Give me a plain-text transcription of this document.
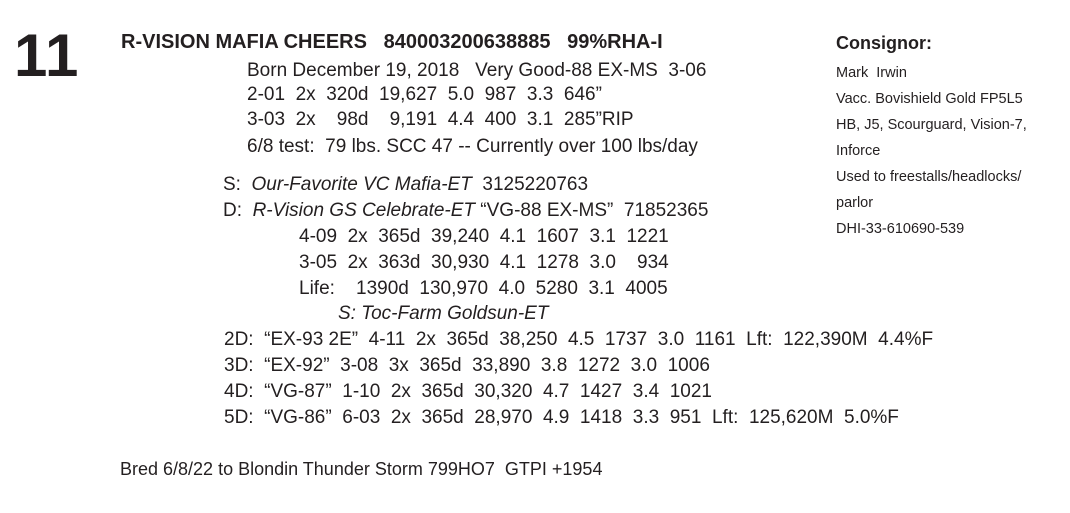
11 R-VISION MAFIA CHEERS   840003200638885   99%RHA-I
Born December 19, 2018   Very Good-88 EX-MS  3-06
2-01  2x  320d  19,627  5.0  987  3.3  646”
3-03  2x    98d    9,191  4.4  400  3.1  285”RIP
6/8 test:  79 lbs. SCC 47 -- Currently over 100 lbs/day
S: Our-Favorite VC Mafia-ET 3125220763
D: R-Vision GS Celebrate-ET “VG-88 EX-MS”  71852365
4-09  2x  365d  39,240  4.1  1607  3.1  1221
3-05  2x  363d  30,930  4.1  1278  3.0    934
Life:    1390d  130,970  4.0  5280  3.1  4005
S: Toc-Farm Goldsun-ET
2D:  “EX-93 2E”  4-11  2x  365d  38,250  4.5  1737  3.0  1161  Lft:  122,390M  4.4%F
3D:  “EX-92”  3-08  3x  365d  33,890  3.8  1272  3.0  1006
4D:  “VG-87”  1-10  2x  365d  30,320  4.7  1427  3.4  1021
5D:  “VG-86”  6-03  2x  365d  28,970  4.9  1418  3.3  951  Lft:  125,620M  5.0%F
Bred 6/8/22 to Blondin Thunder Storm 799HO7  GTPI +1954
Consignor:
Mark  Irwin
Vacc. Bovishield Gold FP5L5
HB, J5, Scourguard, Vision-7,
Inforce
Used to freestalls/headlocks/
parlor
DHI-33-610690-539
